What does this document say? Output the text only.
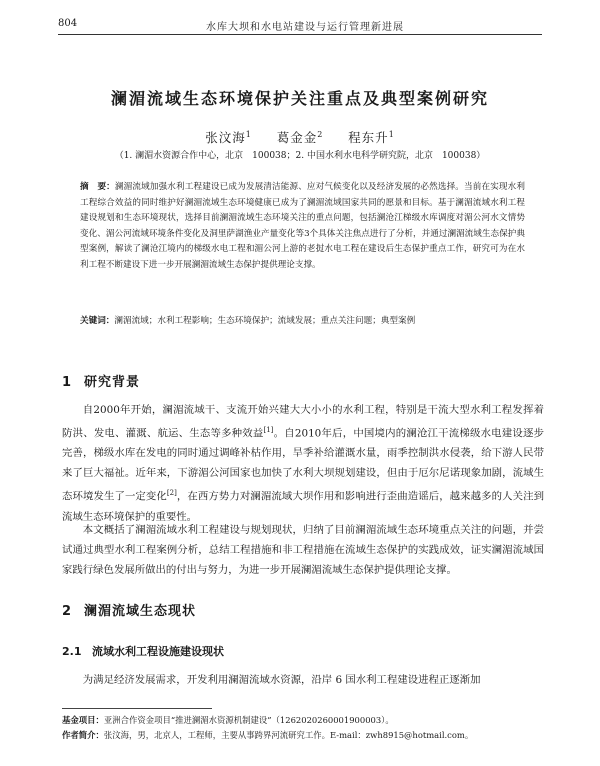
804	水库大坝和水电站建设与运行管理新进展
澜湄流域生态环境保护关注重点及典型案例研究
张汶海$^1$ 葛金金$^2$ 程东升$^1$
（1. 澜湄水资源合作中心，北京　100038；2. 中国水利水电科学研究院，北京　100038）
摘　要：澜湄流域加强水利工程建设已成为发展清洁能源、应对气候变化以及经济发展的必然选择。当前在实现水利工程综合效益的同时维护好澜湄流域生态环境健康已成为了澜湄流域国家共同的愿景和目标。基于澜湄流域水利工程建设规划和生态环境现状，选择目前澜湄流域生态环境关注的重点问题，包括澜沧江梯级水库调度对湄公河水文情势变化、湄公河流域环境条件变化及洞里萨湖渔业产量变化等3个具体关注焦点进行了分析，并通过澜湄流域生态保护典型案例，解读了澜沧江境内的梯级水电工程和湄公河上游的老挝水电工程在建设后生态保护重点工作，研究可为在水利工程不断建设下进一步开展澜湄流域生态保护提供理论支撑。
关键词：澜湄流域；水利工程影响；生态环境保护；流域发展；重点关注问题；典型案例
1 研究背景
自2000年开始，澜湄流域干、支流开始兴建大大小小的水利工程，特别是干流大型水利工程发挥着防洪、发电、灌溉、航运、生态等多种效益[1]。自2010年后，中国境内的澜沧江干流梯级水电建设逐步完善，梯级水库在发电的同时通过调峰补枯作用，旱季补给灌溉水量，雨季控制洪水侵袭，给下游人民带来了巨大福祉。近年来，下游湄公河国家也加快了水利大坝规划建设，但由于厄尔尼诺现象加剧，流域生态环境发生了一定变化[2]，在西方势力对澜湄流域大坝作用和影响进行歪曲造谣后，越来越多的人关注到流域生态环境保护的重要性。
本文概括了澜湄流域水利工程建设与规划现状，归纳了目前澜湄流域生态环境重点关注的问题，并尝试通过典型水利工程案例分析，总结工程措施和非工程措施在流域生态保护的实践成效，证实澜湄流域国家践行绿色发展所做出的付出与努力，为进一步开展澜湄流域生态保护提供理论支撑。
2 澜湄流域生态现状
2.1 流域水利工程设施建设现状
为满足经济发展需求，开发利用澜湄流域水资源，沿岸 6 国水利工程建设进程正逐渐加
基金项目：亚洲合作资金项目“推进澜湄水资源机制建设”（1262020260001900003）。
作者简介：张汶海，男，北京人，工程师，主要从事跨界河流研究工作。E-mail：zwh8915@hotmail.com。
